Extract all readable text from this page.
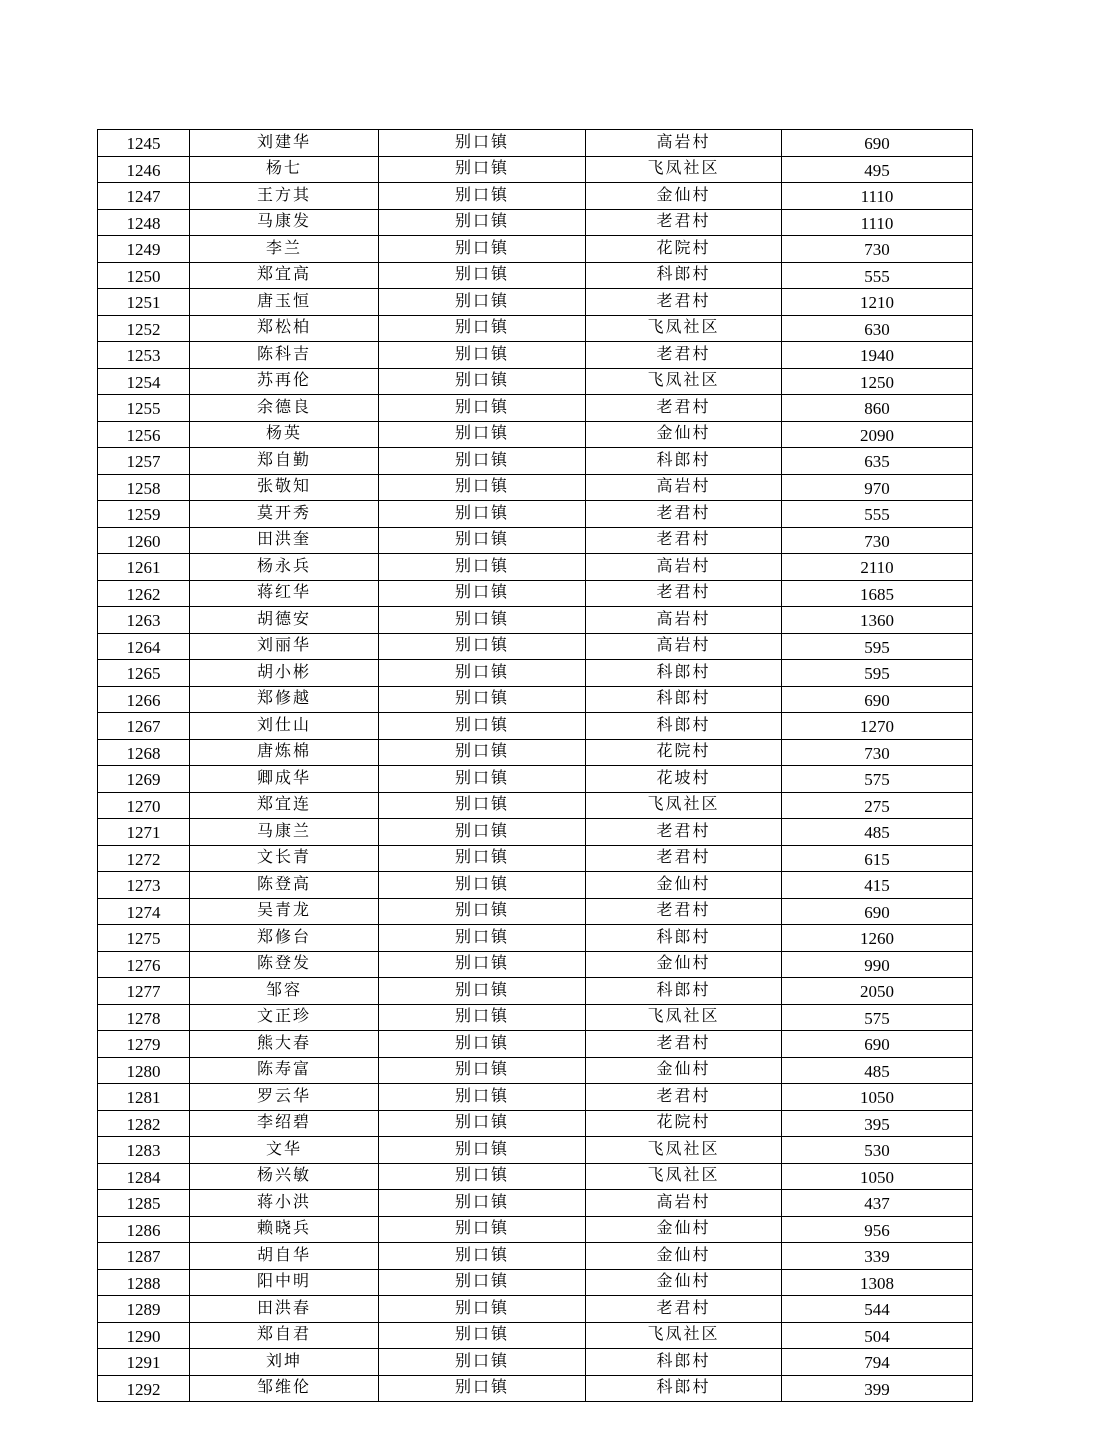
1245	刘建华	别口镇	高岩村	690
1246	杨七	别口镇	飞凤社区	495
1247	王方其	别口镇	金仙村	1110
1248	马康发	别口镇	老君村	1110
1249	李兰	别口镇	花院村	730
1250	郑宜高	别口镇	科郎村	555
1251	唐玉恒	别口镇	老君村	1210
1252	郑松柏	别口镇	飞凤社区	630
1253	陈科吉	别口镇	老君村	1940
1254	苏再伦	别口镇	飞凤社区	1250
1255	余德良	别口镇	老君村	860
1256	杨英	别口镇	金仙村	2090
1257	郑自勤	别口镇	科郎村	635
1258	张敬知	别口镇	高岩村	970
1259	莫开秀	别口镇	老君村	555
1260	田洪奎	别口镇	老君村	730
1261	杨永兵	别口镇	高岩村	2110
1262	蒋红华	别口镇	老君村	1685
1263	胡德安	别口镇	高岩村	1360
1264	刘丽华	别口镇	高岩村	595
1265	胡小彬	别口镇	科郎村	595
1266	郑修越	别口镇	科郎村	690
1267	刘仕山	别口镇	科郎村	1270
1268	唐炼棉	别口镇	花院村	730
1269	卿成华	别口镇	花坡村	575
1270	郑宜连	别口镇	飞凤社区	275
1271	马康兰	别口镇	老君村	485
1272	文长青	别口镇	老君村	615
1273	陈登高	别口镇	金仙村	415
1274	吴青龙	别口镇	老君村	690
1275	郑修台	别口镇	科郎村	1260
1276	陈登发	别口镇	金仙村	990
1277	邹容	别口镇	科郎村	2050
1278	文正珍	别口镇	飞凤社区	575
1279	熊大春	别口镇	老君村	690
1280	陈寿富	别口镇	金仙村	485
1281	罗云华	别口镇	老君村	1050
1282	李绍碧	别口镇	花院村	395
1283	文华	别口镇	飞凤社区	530
1284	杨兴敏	别口镇	飞凤社区	1050
1285	蒋小洪	别口镇	高岩村	437
1286	赖晓兵	别口镇	金仙村	956
1287	胡自华	别口镇	金仙村	339
1288	阳中明	别口镇	金仙村	1308
1289	田洪春	别口镇	老君村	544
1290	郑自君	别口镇	飞凤社区	504
1291	刘坤	别口镇	科郎村	794
1292	邹维伦	别口镇	科郎村	399
